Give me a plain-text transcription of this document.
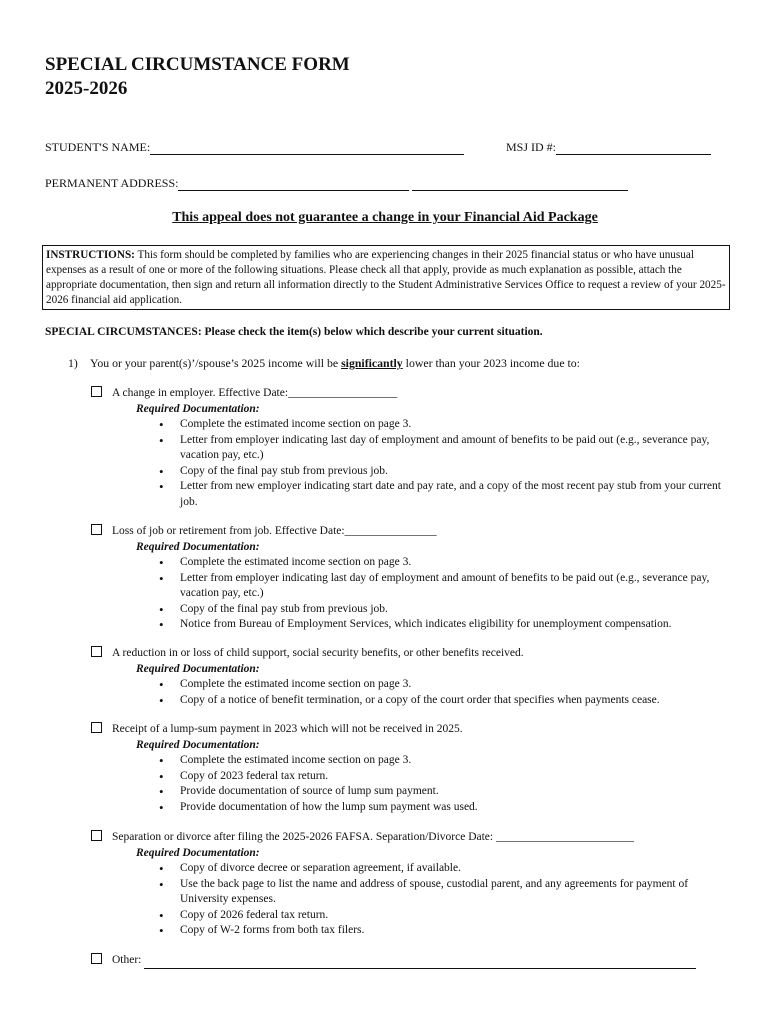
SPECIAL CIRCUMSTANCE FORM
2025-2026
STUDENT'S NAME:	MSJ ID #:
PERMANENT ADDRESS:
This appeal does not guarantee a change in your Financial Aid Package
INSTRUCTIONS: This form should be completed by families who are experiencing changes in their 2025 financial status or who have unusual expenses as a result of one or more of the following situations. Please check all that apply, provide as much explanation as possible, attach the appropriate documentation, then sign and return all information directly to the Student Administrative Services Office to request a review of your 2025-2026 financial aid application.
SPECIAL CIRCUMSTANCES: Please check the item(s) below which describe your current situation.
1) You or your parent(s)’/spouse’s 2025 income will be significantly lower than your 2023 income due to:
A change in employer. Effective Date:___________________
Required Documentation:
• Complete the estimated income section on page 3.
• Letter from employer indicating last day of employment and amount of benefits to be paid out (e.g., severance pay, vacation pay, etc.)
• Copy of the final pay stub from previous job.
• Letter from new employer indicating start date and pay rate, and a copy of the most recent pay stub from your current job.
Loss of job or retirement from job. Effective Date:________________
Required Documentation:
• Complete the estimated income section on page 3.
• Letter from employer indicating last day of employment and amount of benefits to be paid out (e.g., severance pay, vacation pay, etc.)
• Copy of the final pay stub from previous job.
• Notice from Bureau of Employment Services, which indicates eligibility for unemployment compensation.
A reduction in or loss of child support, social security benefits, or other benefits received.
Required Documentation:
• Complete the estimated income section on page 3.
• Copy of a notice of benefit termination, or a copy of the court order that specifies when payments cease.
Receipt of a lump-sum payment in 2023 which will not be received in 2025.
Required Documentation:
• Complete the estimated income section on page 3.
• Copy of 2023 federal tax return.
• Provide documentation of source of lump sum payment.
• Provide documentation of how the lump sum payment was used.
Separation or divorce after filing the 2025-2026 FAFSA. Separation/Divorce Date: ________________________
Required Documentation:
• Copy of divorce decree or separation agreement, if available.
• Use the back page to list the name and address of spouse, custodial parent, and any agreements for payment of University expenses.
• Copy of 2026 federal tax return.
• Copy of W-2 forms from both tax filers.
Other:
